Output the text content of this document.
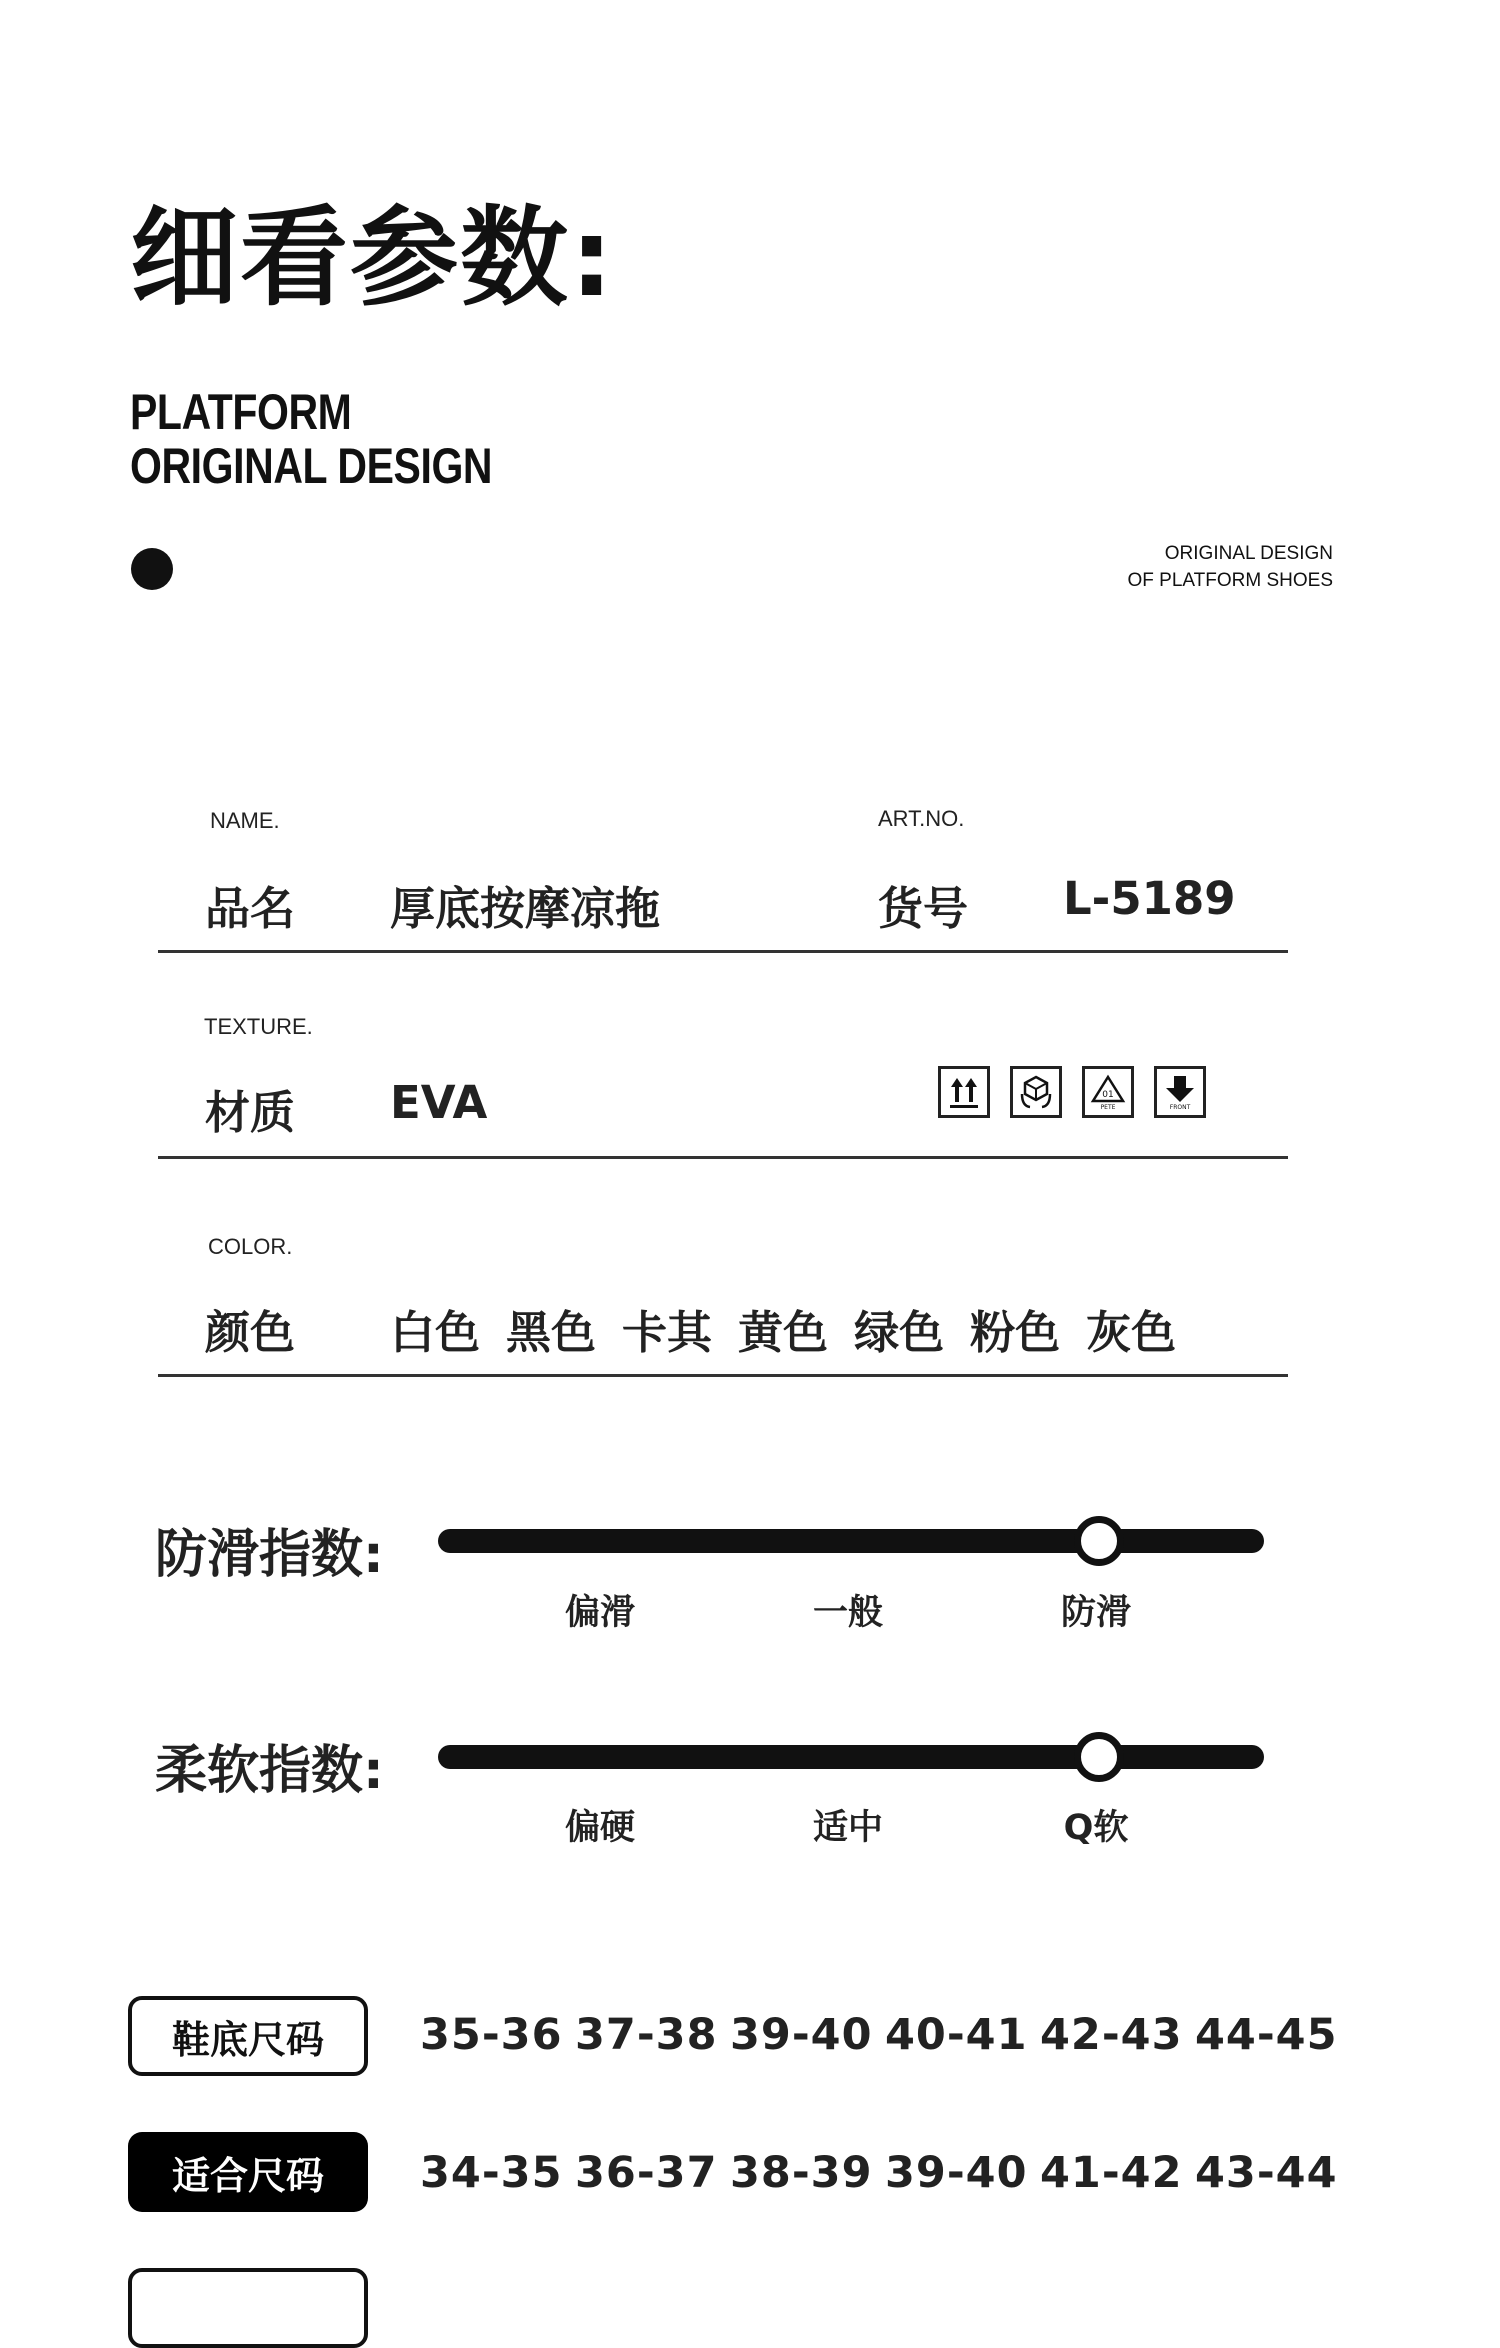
细看参数:
PLATFORM
ORIGINAL DESIGN
ORIGINAL DESIGN
OF PLATFORM SHOES
NAME.
品名 厚底按摩凉拖
ART.NO.
货号 L-5189
TEXTURE.
材质 EVA	01
PETE	FRONT
COLOR.
颜色 白色 黑色 卡其 黄色 绿色 粉色 灰色
防滑指数:
偏滑	一般	防滑
柔软指数:
偏硬	适中	Q软
鞋底尺码	35-36 37-38 39-40 40-41 42-43 44-45
适合尺码	34-35 36-37 38-39 39-40 41-42 43-44
